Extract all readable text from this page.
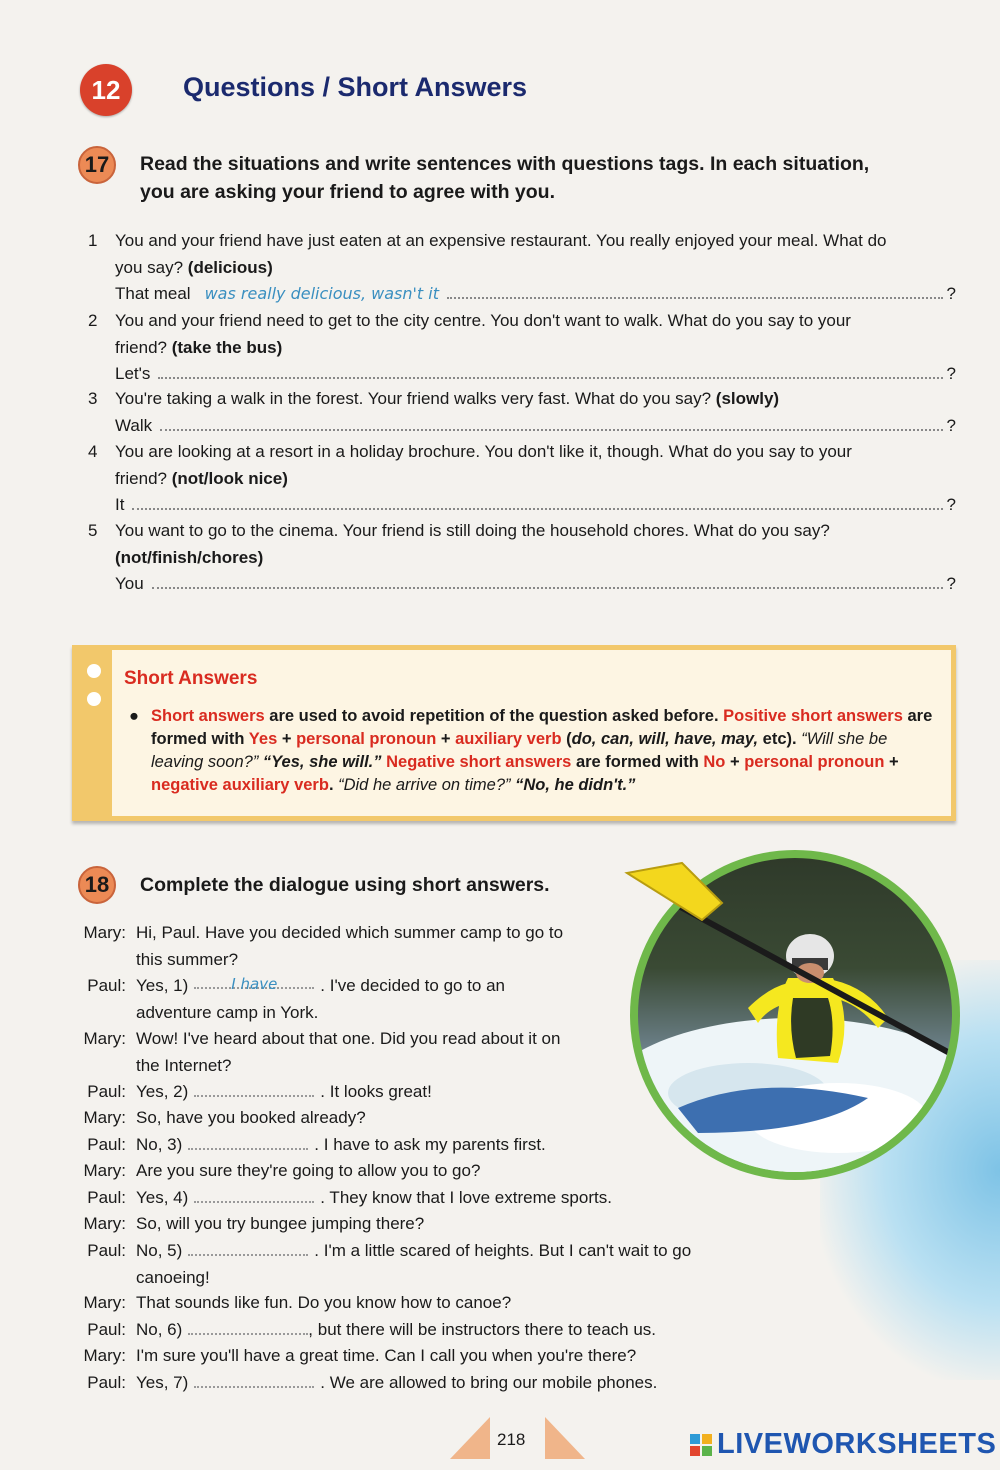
12	Questions / Short Answers
17	Read the situations and write sentences with questions tags. In each situation,
you are asking your friend to agree with you.
1	You and your friend have just eaten at an expensive restaurant. You really enjoyed your meal. What do
you say? (delicious)
That meal was really delicious, wasn't it	?
2	You and your friend need to get to the city centre. You don't want to walk. What do you say to your
friend? (take the bus)
Let's	?
3	You're taking a walk in the forest. Your friend walks very fast. What do you say? (slowly)
Walk	?
4	You are looking at a resort in a holiday brochure. You don't like it, though. What do you say to your
friend? (not/look nice)
It	?
5	You want to go to the cinema. Your friend is still doing the household chores. What do you say?
(not/finish/chores)
You	?
Short Answers
● Short answers are used to avoid repetition of the question asked before. Positive short answers are formed with Yes + personal pronoun + auxiliary verb (do, can, will, have, may, etc). “Will she be leaving soon?” “Yes, she will.” Negative short answers are formed with No + personal pronoun + negative auxiliary verb. “Did he arrive on time?” “No, he didn't.”
18	Complete the dialogue using short answers.
Mary: Hi, Paul. Have you decided which summer camp to go to
this summer?
Paul: Yes, 1)	I have	. I've decided to go to an
adventure camp in York.
Mary: Wow! I've heard about that one. Did you read about it on
the Internet?
Paul: Yes, 2)	. It looks great!
Mary: So, have you booked already?
Paul: No, 3)	. I have to ask my parents first.
Mary: Are you sure they're going to allow you to go?
Paul: Yes, 4)	. They know that I love extreme sports.
Mary: So, will you try bungee jumping there?
Paul: No, 5)	. I'm a little scared of heights. But I can't wait to go
canoeing!
Mary: That sounds like fun. Do you know how to canoe?
Paul: No, 6)	, but there will be instructors there to teach us.
Mary: I'm sure you'll have a great time. Can I call you when you're there?
Paul: Yes, 7)	. We are allowed to bring our mobile phones.
218	LIVEWORKSHEETS
